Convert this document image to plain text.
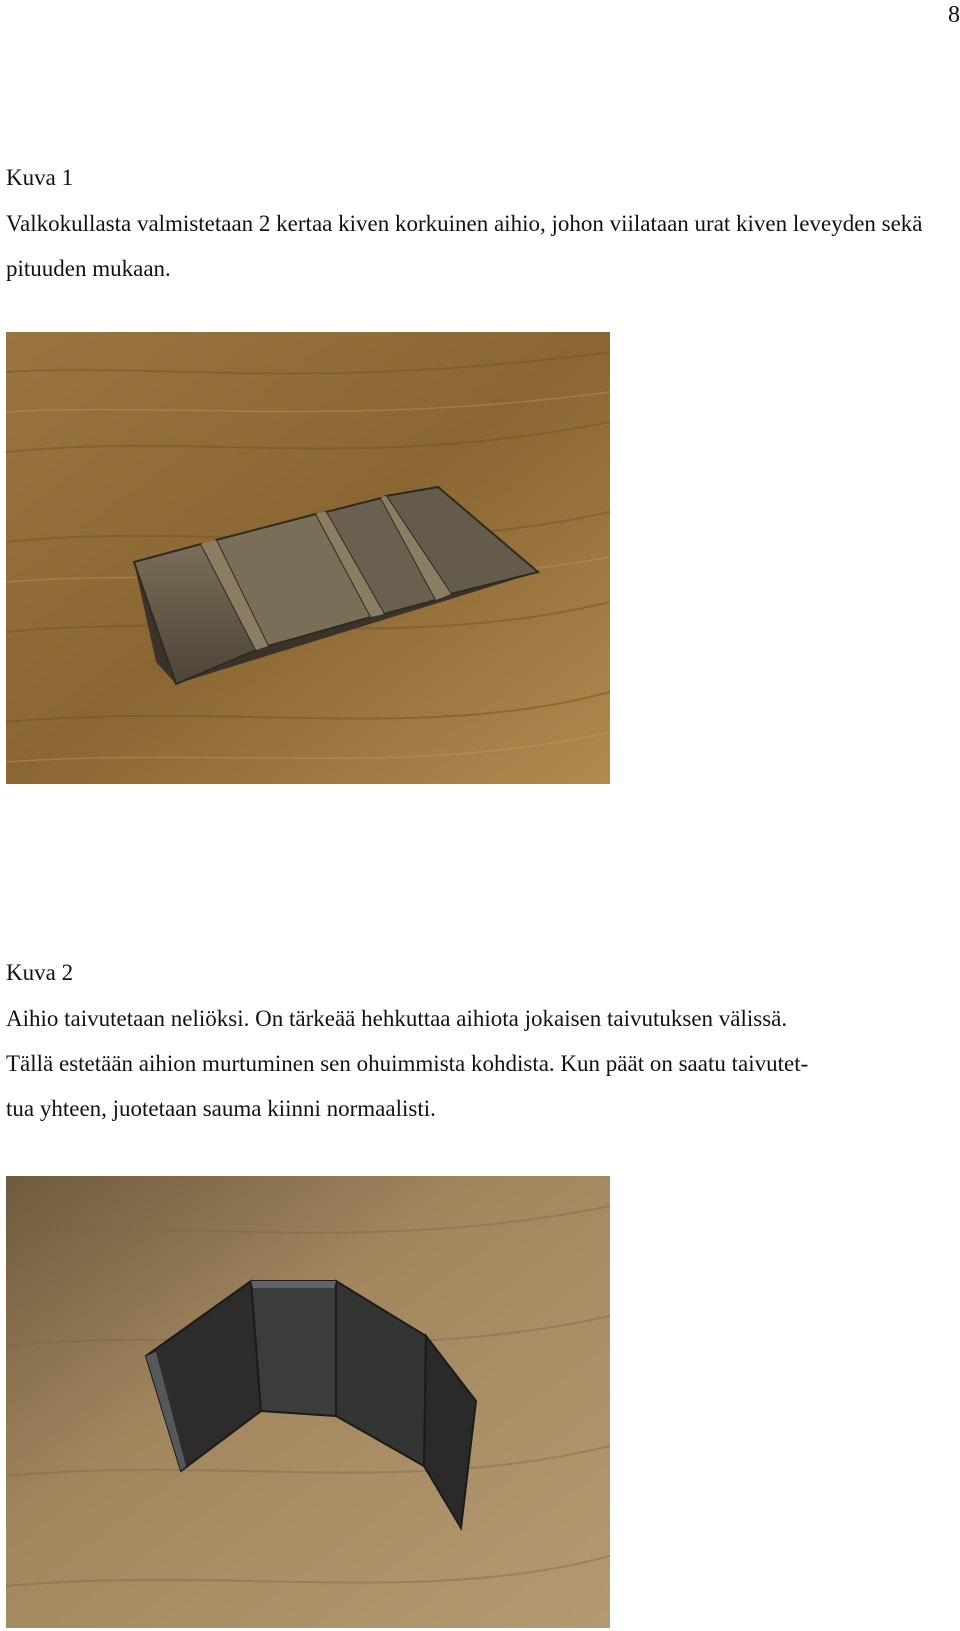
8
Kuva 1

Valkokullasta valmistetaan 2 kertaa kiven korkuinen aihio, johon viilataan urat kiven leveyden sekä pituuden mukaan.

Kuva 2
Aihio taivutetaan neliöksi. On tärkeää hehkuttaa aihiota jokaisen taivutuksen välissä.
Tällä estetään aihion murtuminen sen ohuimmista kohdista. Kun päät on saatu taivutet-
tua yhteen, juotetaan sauma kiinni normaalisti.
